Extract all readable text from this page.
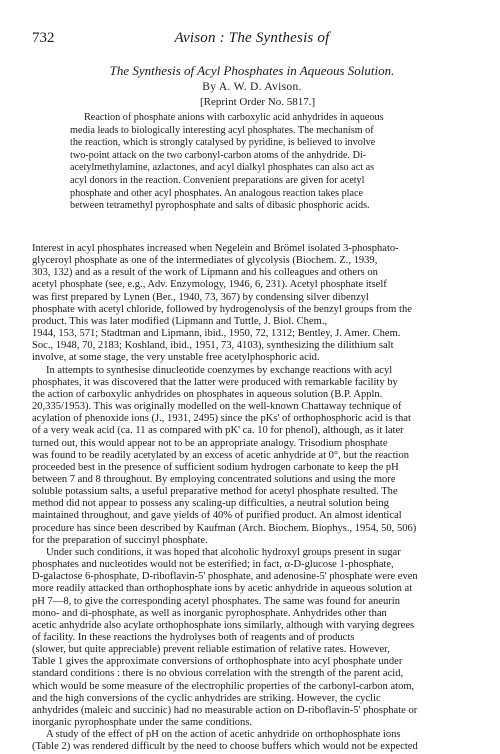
732	Avison : The Synthesis of
The Synthesis of Acyl Phosphates in Aqueous Solution.
By A. W. D. Avison.
[Reprint Order No. 5817.]
Reaction of phosphate anions with carboxylic acid anhydrides in aqueous
media leads to biologically interesting acyl phosphates. The mechanism of
the reaction, which is strongly catalysed by pyridine, is believed to involve
two-point attack on the two carbonyl-carbon atoms of the anhydride. Di-
acetylmethylamine, azlactones, and acyl dialkyl phosphates can also act as
acyl donors in the reaction. Convenient preparations are given for acetyl
phosphate and other acyl phosphates. An analogous reaction takes place
between tetramethyl pyrophosphate and salts of dibasic phosphoric acids.

Interest in acyl phosphates increased when Negelein and Brömel isolated 3-phosphato-
glyceroyl phosphate as one of the intermediates of glycolysis (Biochem. Z., 1939,
303, 132) and as a result of the work of Lipmann and his colleagues and others on
acetyl phosphate (see, e.g., Adv. Enzymology, 1946, 6, 231). Acetyl phosphate itself
was first prepared by Lynen (Ber., 1940, 73, 367) by condensing silver dibenzyl
phosphate with acetyl chloride, followed by hydrogenolysis of the benzyl groups from the
product. This was later modified (Lipmann and Tuttle, J. Biol. Chem.,
1944, 153, 571; Stadtman and Lipmann, ibid., 1950, 72, 1312; Bentley, J. Amer. Chem.
Soc., 1948, 70, 2183; Koshland, ibid., 1951, 73, 4103), synthesizing the dilithium salt
involve, at some stage, the very unstable free acetylphosphoric acid.

In attempts to synthesise dinucleotide coenzymes by exchange reactions with acyl
phosphates, it was discovered that the latter were produced with remarkable facility by
the action of carboxylic anhydrides on phosphates in aqueous solution (B.P. Appln.
20,335/1953). This was originally modelled on the well-known Chattaway technique of
acylation of phenoxide ions (J., 1931, 2495) since the pKs' of orthophosphoric acid is that
of a very weak acid (ca. 11 as compared with pK' ca. 10 for phenol), although, as it later
turned out, this would appear not to be an appropriate analogy. Trisodium phosphate
was found to be readily acetylated by an excess of acetic anhydride at 0°, but the reaction
proceeded best in the presence of sufficient sodium hydrogen carbonate to keep the pH
between 7 and 8 throughout. By employing concentrated solutions and using the more
soluble potassium salts, a useful preparative method for acetyl phosphate resulted. The
method did not appear to possess any scaling-up difficulties, a neutral solution being
maintained throughout, and gave yields of 40% of purified product. An almost identical
procedure has since been described by Kaufman (Arch. Biochem. Biophys., 1954, 50, 506)
for the preparation of succinyl phosphate.

Under such conditions, it was hoped that alcoholic hydroxyl groups present in sugar
phosphates and nucleotides would not be esterified; in fact, α-D-glucose 1-phosphate,
D-galactose 6-phosphate, D-riboflavin-5' phosphate, and adenosine-5' phosphate were even
more readily attacked than orthophosphate ions by acetic anhydride in aqueous solution at
pH 7—8, to give the corresponding acetyl phosphates. The same was found for aneurin
mono- and di-phosphate, as well as inorganic pyrophosphate. Anhydrides other than
acetic anhydride also acylate orthophosphate ions similarly, although with varying degrees
of facility. In these reactions the hydrolyses both of reagents and of products
(slower, but quite appreciable) prevent reliable estimation of relative rates. However,
Table 1 gives the approximate conversions of orthophosphate into acyl phosphate under
standard conditions : there is no obvious correlation with the strength of the parent acid,
which would be some measure of the electrophilic properties of the carbonyl-carbon atom,
and the high conversions of the cyclic anhydrides are striking. However, the cyclic
anhydrides (maleic and succinic) had no measurable action on D-riboflavin-5' phosphate or
inorganic pyrophosphate under the same conditions.

A study of the effect of pH on the action of acetic anhydride on orthophosphate ions
(Table 2) was rendered difficult by the need to choose buffers which would not be expected
